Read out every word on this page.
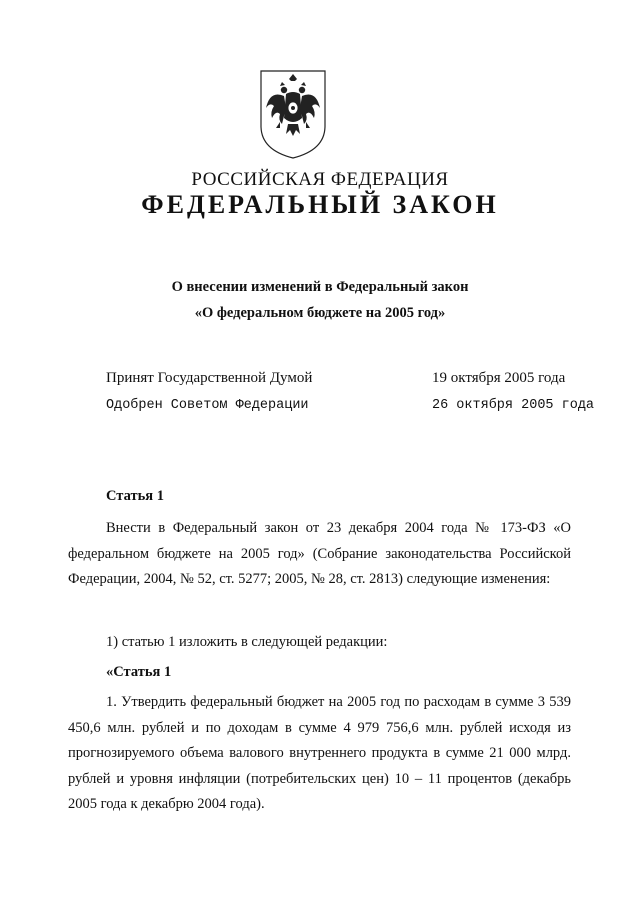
РОССИЙСКАЯ ФЕДЕРАЦИЯ
ФЕДЕРАЛЬНЫЙ ЗАКОН
О внесении изменений в Федеральный закон
«О федеральном бюджете на 2005 год»
Принят Государственной Думой	19 октября 2005 года
Одобрен Советом Федерации	26 октября 2005 года
Статья 1

Внести в Федеральный закон от 23 декабря 2004 года № 173-ФЗ «О федеральном бюджете на 2005 год» (Собрание законодательства Российской Федерации, 2004, № 52, ст. 5277; 2005, № 28, ст. 2813) следующие изменения:

1) статью 1 изложить в следующей редакции:

«Статья 1

1. Утвердить федеральный бюджет на 2005 год по расходам в сумме 3 539 450,6 млн. рублей и по доходам в сумме 4 979 756,6 млн. рублей исходя из прогнозируемого объема валового внутреннего продукта в сумме 21 000 млрд. рублей и уровня инфляции (потребительских цен) 10 – 11 процентов (декабрь 2005 года к декабрю 2004 года).
